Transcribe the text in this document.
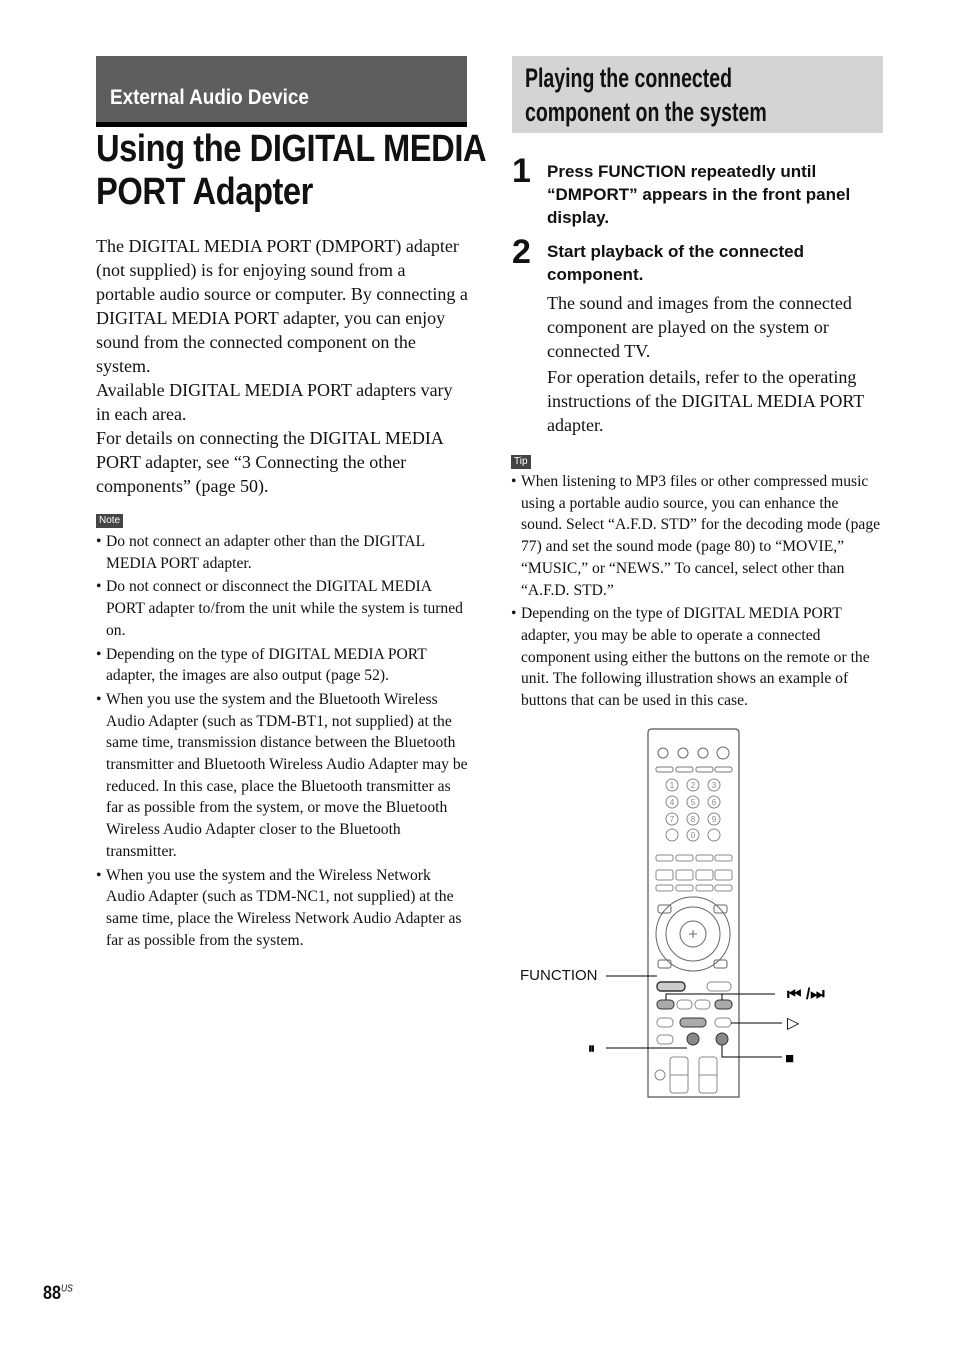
External Audio Device
Using the DIGITAL MEDIA
PORT Adapter

The DIGITAL MEDIA PORT (DMPORT) adapter (not supplied) is for enjoying sound from a portable audio source or computer. By connecting a DIGITAL MEDIA PORT adapter, you can enjoy sound from the connected component on the system.

Available DIGITAL MEDIA PORT adapters vary in each area.

For details on connecting the DIGITAL MEDIA PORT adapter, see “3 Connecting the other components” (page 50).

Note
• Do not connect an adapter other than the DIGITAL MEDIA PORT adapter.
• Do not connect or disconnect the DIGITAL MEDIA PORT adapter to/from the unit while the system is turned on.
• Depending on the type of DIGITAL MEDIA PORT adapter, the images are also output (page 52).
• When you use the system and the Bluetooth Wireless Audio Adapter (such as TDM-BT1, not supplied) at the same time, transmission distance between the Bluetooth transmitter and Bluetooth Wireless Audio Adapter may be reduced. In this case, place the Bluetooth transmitter as far as possible from the system, or move the Bluetooth Wireless Audio Adapter closer to the Bluetooth transmitter.
• When you use the system and the Wireless Network Audio Adapter (such as TDM-NC1, not supplied) at the same time, place the Wireless Network Audio Adapter as far as possible from the system.
Playing the connected
component on the system
1 Press FUNCTION repeatedly until “DMPORT” appears in the front panel display.
2 Start playback of the connected component.

The sound and images from the connected component are played on the system or connected TV.

For operation details, refer to the operating instructions of the DIGITAL MEDIA PORT adapter.

Tip
• When listening to MP3 files or other compressed music using a portable audio source, you can enhance the sound. Select “A.F.D. STD” for the decoding mode (page 77) and set the sound mode (page 80) to “MOVIE,” “MUSIC,” or “NEWS.” To cancel, select other than “A.F.D. STD.”
• Depending on the type of DIGITAL MEDIA PORT adapter, you may be able to operate a connected component using either the buttons on the remote or the unit. The following illustration shows an example of buttons that can be used in this case.
1 2 3
4 5 6
7 8 9
0
⏮ /⏭
▷
⏸
■
FUNCTION
$88^{US}$
